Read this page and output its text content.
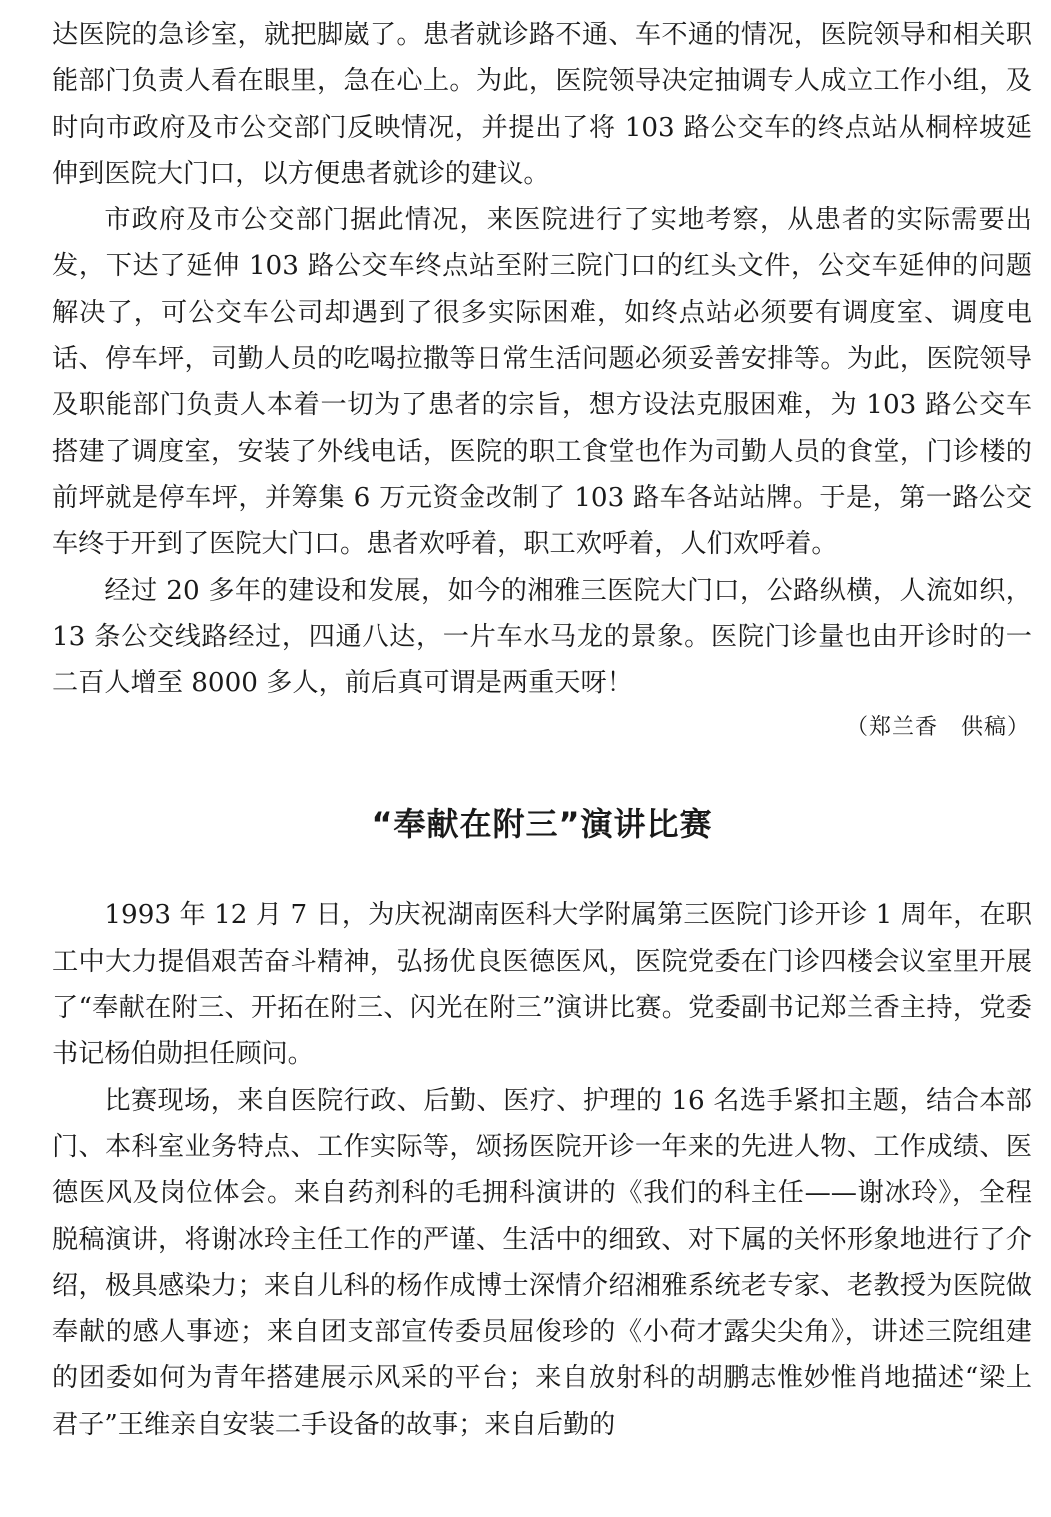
达医院的急诊室，就把脚崴了。患者就诊路不通、车不通的情况，医院领导和相关职能部门负责人看在眼里，急在心上。为此，医院领导决定抽调专人成立工作小组，及时向市政府及市公交部门反映情况，并提出了将 103 路公交车的终点站从桐梓坡延伸到医院大门口，以方便患者就诊的建议。

市政府及市公交部门据此情况，来医院进行了实地考察，从患者的实际需要出发，下达了延伸 103 路公交车终点站至附三院门口的红头文件，公交车延伸的问题解决了，可公交车公司却遇到了很多实际困难，如终点站必须要有调度室、调度电话、停车坪，司勤人员的吃喝拉撒等日常生活问题必须妥善安排等。为此，医院领导及职能部门负责人本着一切为了患者的宗旨，想方设法克服困难，为 103 路公交车搭建了调度室，安装了外线电话，医院的职工食堂也作为司勤人员的食堂，门诊楼的前坪就是停车坪，并筹集 6 万元资金改制了 103 路车各站站牌。于是，第一路公交车终于开到了医院大门口。患者欢呼着，职工欢呼着，人们欢呼着。

经过 20 多年的建设和发展，如今的湘雅三医院大门口，公路纵横，人流如织，13 条公交线路经过，四通八达，一片车水马龙的景象。医院门诊量也由开诊时的一二百人增至 8000 多人，前后真可谓是两重天呀！

（郑兰香　供稿）

“奉献在附三”演讲比赛

1993 年 12 月 7 日，为庆祝湖南医科大学附属第三医院门诊开诊 1 周年，在职工中大力提倡艰苦奋斗精神，弘扬优良医德医风，医院党委在门诊四楼会议室里开展了“奉献在附三、开拓在附三、闪光在附三”演讲比赛。党委副书记郑兰香主持，党委书记杨伯勋担任顾问。

比赛现场，来自医院行政、后勤、医疗、护理的 16 名选手紧扣主题，结合本部门、本科室业务特点、工作实际等，颂扬医院开诊一年来的先进人物、工作成绩、医德医风及岗位体会。来自药剂科的毛拥科演讲的《我们的科主任——谢冰玲》，全程脱稿演讲，将谢冰玲主任工作的严谨、生活中的细致、对下属的关怀形象地进行了介绍，极具感染力；来自儿科的杨作成博士深情介绍湘雅系统老专家、老教授为医院做奉献的感人事迹；来自团支部宣传委员屈俊珍的《小荷才露尖尖角》，讲述三院组建的团委如何为青年搭建展示风采的平台；来自放射科的胡鹏志惟妙惟肖地描述“梁上君子”王维亲自安装二手设备的故事；来自后勤的
